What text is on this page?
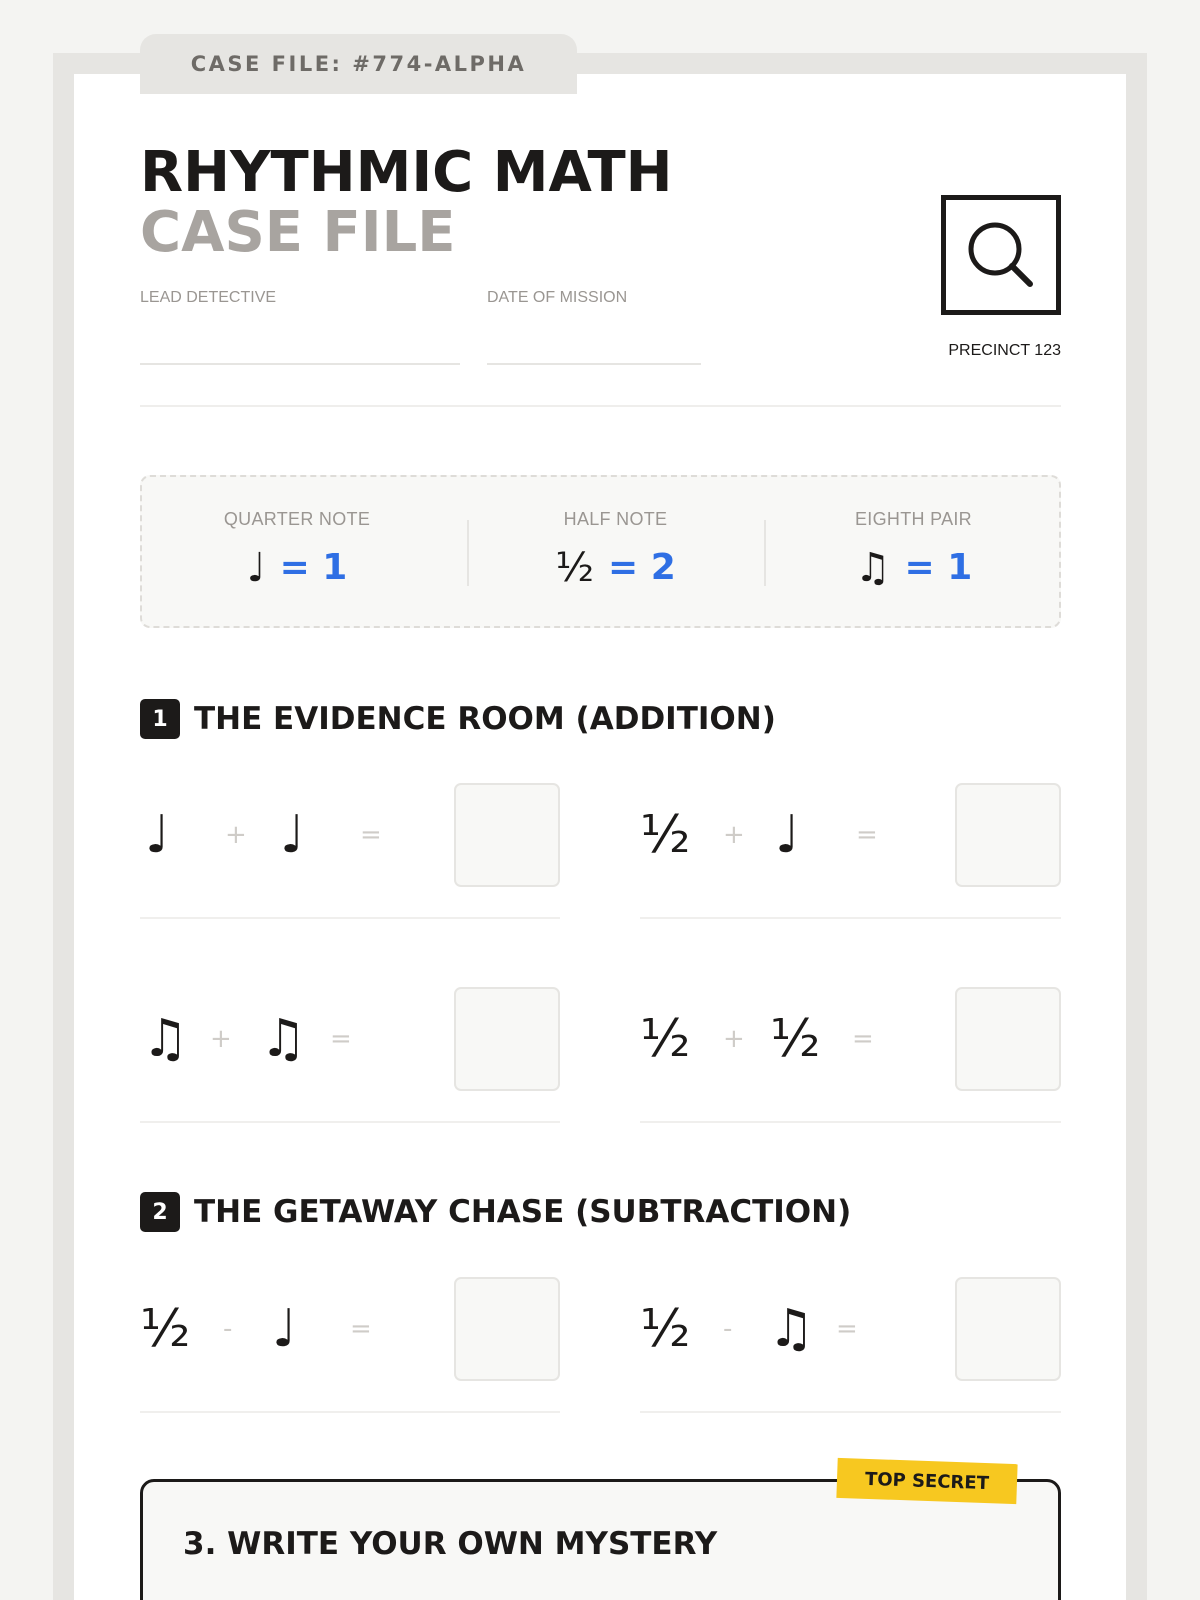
CASE FILE: #774-ALPHA
RHYTHMIC MATH
CASE FILE
LEAD DETECTIVE	DATE OF MISSION
PRECINCT 123
QUARTER NOTE
♩ = 1
HALF NOTE
½ = 2
EIGHTH PAIR
♫ = 1
1 THE EVIDENCE ROOM (ADDITION)
♩ + ♩ =	½ + ♩ =
♫ + ♫ =	½ + ½ =
2 THE GETAWAY CHASE (SUBTRACTION)
½ - ♩ =	½ - ♫ =
3. WRITE YOUR OWN MYSTERY
TOP SECRET
